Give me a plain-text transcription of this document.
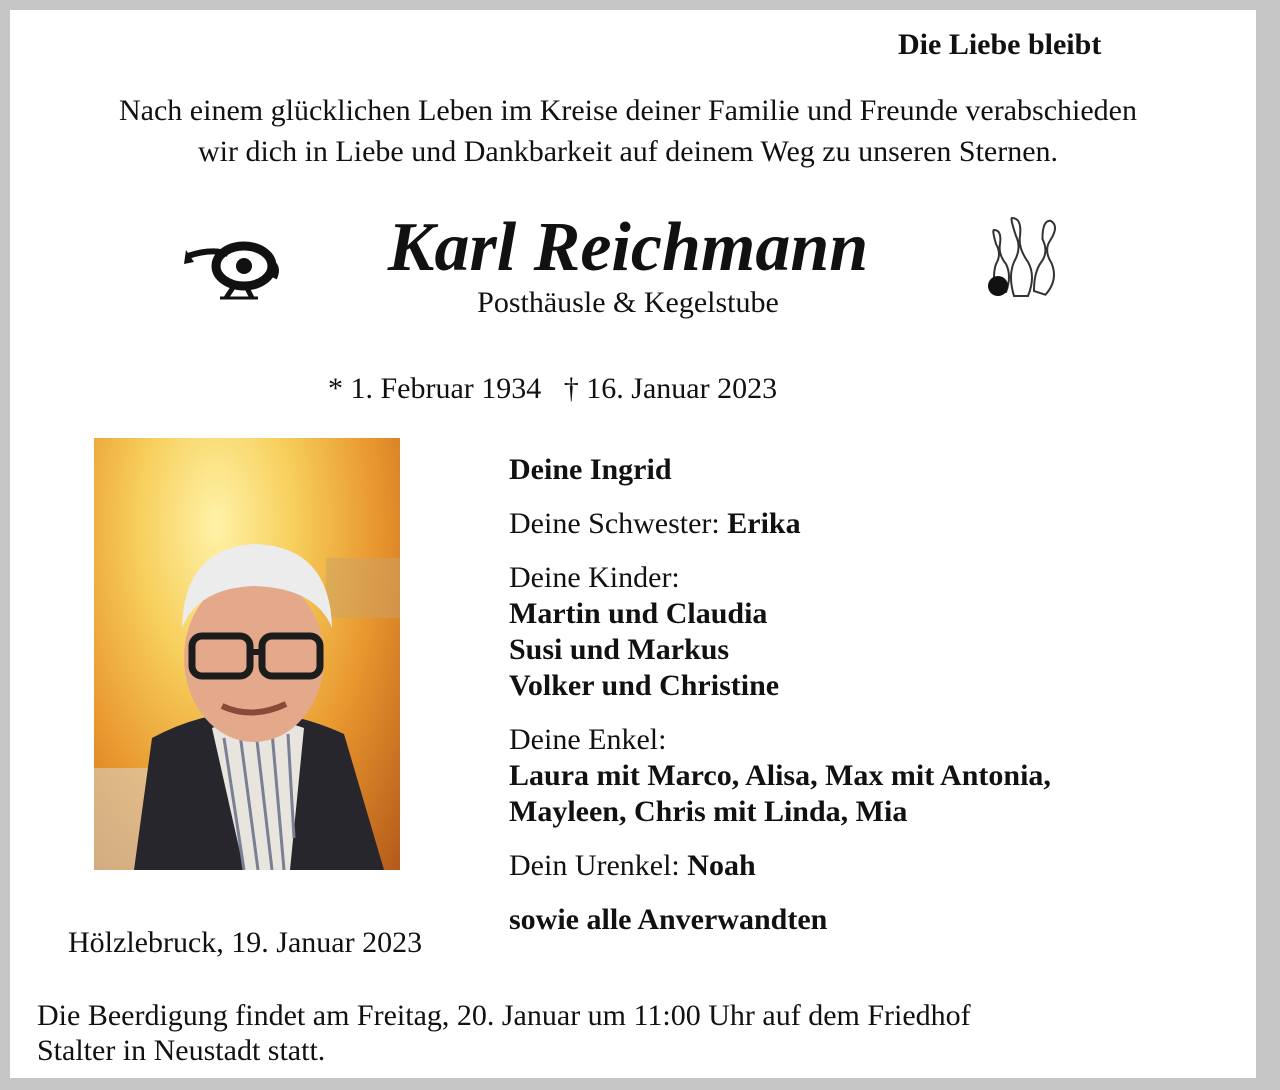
Die Liebe bleibt
Nach einem glücklichen Leben im Kreise deiner Familie und Freunde verabschieden
wir dich in Liebe und Dankbarkeit auf deinem Weg zu unseren Sternen.
Karl Reichmann
Posthäusle & Kegelstube
* 1. Februar 1934 † 16. Januar 2023
Deine Ingrid
Deine Schwester: Erika
Deine Kinder:
Martin und Claudia
Susi und Markus
Volker und Christine
Deine Enkel:
Laura mit Marco, Alisa, Max mit Antonia,
Mayleen, Chris mit Linda, Mia
Dein Urenkel: Noah
sowie alle Anverwandten
Hölzlebruck, 19. Januar 2023
Die Beerdigung findet am Freitag, 20. Januar um 11:00 Uhr auf dem Friedhof
Stalter in Neustadt statt.
